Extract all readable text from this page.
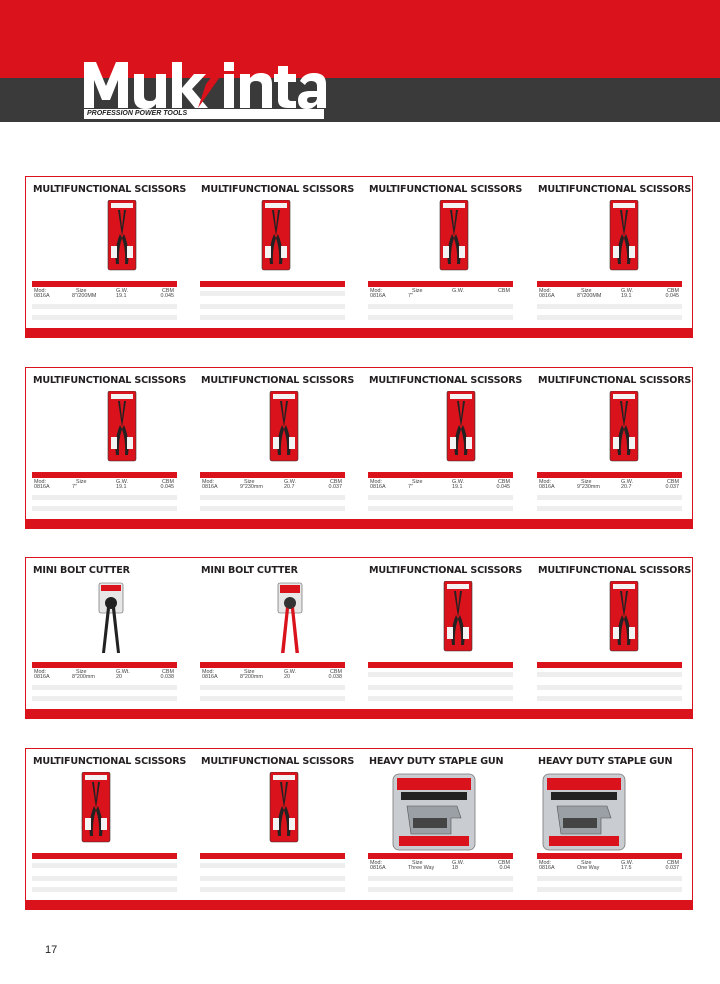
PROFESSION POWER TOOLS
MULTIFUNCTIONAL SCISSORS
Mod:
0816A
Size
8"/200MM
G.W.
19.1
CBM
0.045
MULTIFUNCTIONAL SCISSORS MULTIFUNCTIONAL SCISSORS
Mod:
0816A
Size
7"
G.W.	CBM
MULTIFUNCTIONAL SCISSORS
Mod:
0816A
Size
8"/200MM
G.W.
19.1
CBM
0.045
MULTIFUNCTIONAL SCISSORS
Mod:
0816A
Size
7"
G.W.
19.1
CBM
0.045
MULTIFUNCTIONAL SCISSORS
Mod:
0816A
Size
9"230mm
G.W.
20.7
CBM
0.037
MULTIFUNCTIONAL SCISSORS
Mod:
0816A
Size
7"
G.W.
19.1
CBM
0.045
MULTIFUNCTIONAL SCISSORS
Mod:
0816A
Size
9"230mm
G.W.
20.7
CBM
0.037
MINI BOLT CUTTER
Mod:
0816A
Size
8"200mm
G.Wt.
20
CBM
0.038
MINI BOLT CUTTER
Mod:
0816A
Size
8"200mm
G.W.
20
CBM
0.038
MULTIFUNCTIONAL SCISSORS MULTIFUNCTIONAL SCISSORS
MULTIFUNCTIONAL SCISSORS MULTIFUNCTIONAL SCISSORS HEAVY DUTY STAPLE GUN
Mod:
0816A
Size
Three Way
G.W.
18
CBM
0.04
HEAVY DUTY STAPLE GUN
Mod:
0816A
Size
One Way
G.W.
17.5
CBM
0.037
17
